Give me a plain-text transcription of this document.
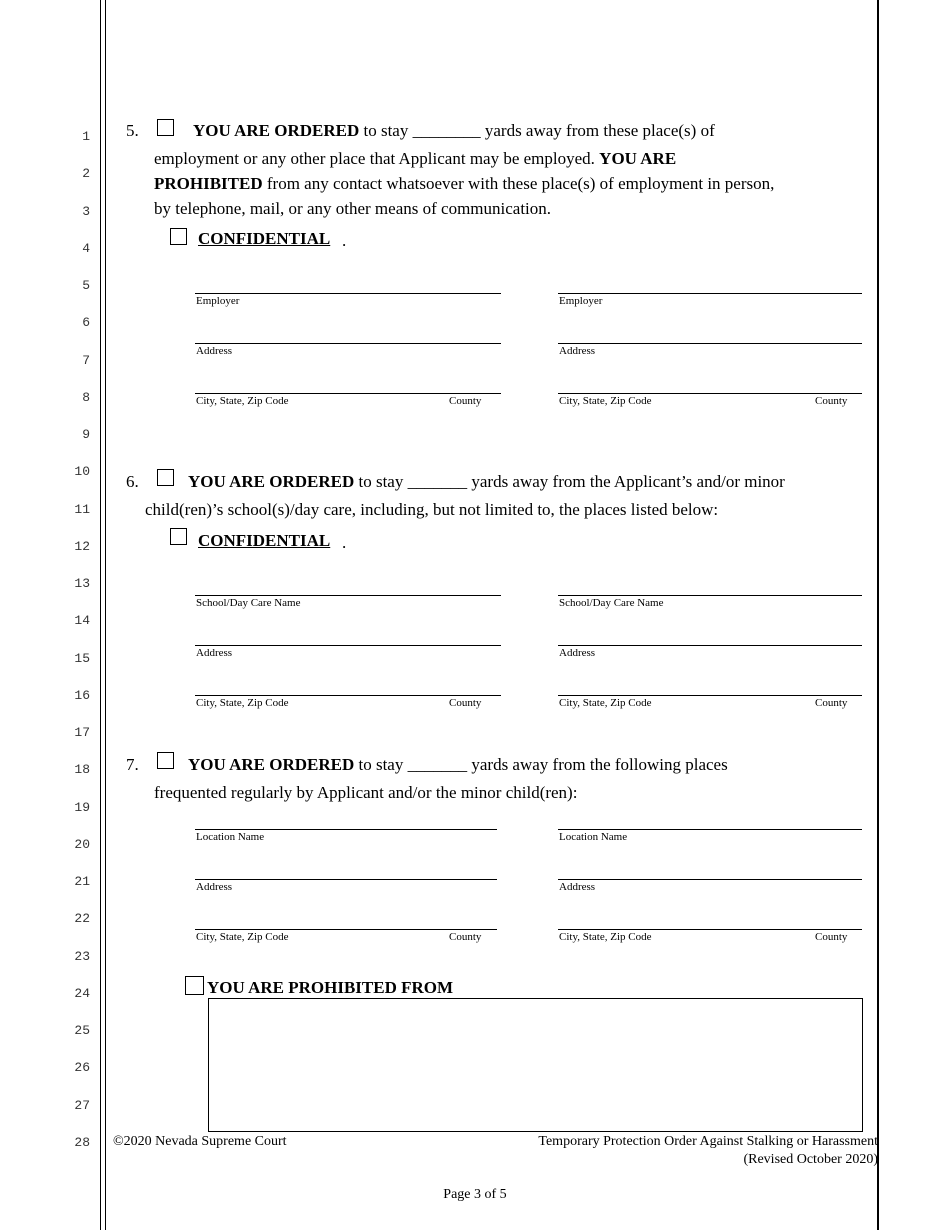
1
2
3
4
5
6
7
8
9
10
11
12
13
14
15
16
17
18
19
20
21
22
23
24
25
26
27
28
5.	YOU ARE ORDERED to stay ________ yards away from these place(s) of
employment or any other place that Applicant may be employed. YOU ARE
PROHIBITED from any contact whatsoever with these place(s) of employment in person,
by telephone, mail, or any other means of communication.
CONFIDENTIAL .
Employer
Address
City, State, Zip Code	County
Employer
Address
City, State, Zip Code	County
6.	YOU ARE ORDERED to stay _______ yards away from the Applicant’s and/or minor
child(ren)’s school(s)/day care, including, but not limited to, the places listed below:
CONFIDENTIAL .
School/Day Care Name
Address
City, State, Zip Code	County
School/Day Care Name
Address
City, State, Zip Code	County
7.	YOU ARE ORDERED to stay _______ yards away from the following places
frequented regularly by Applicant and/or the minor child(ren):
Location Name
Address
City, State, Zip Code	County
Location Name
Address
City, State, Zip Code	County
YOU ARE PROHIBITED FROM
©2020 Nevada Supreme Court	Temporary Protection Order Against Stalking or Harassment
(Revised October 2020)
Page 3 of 5
